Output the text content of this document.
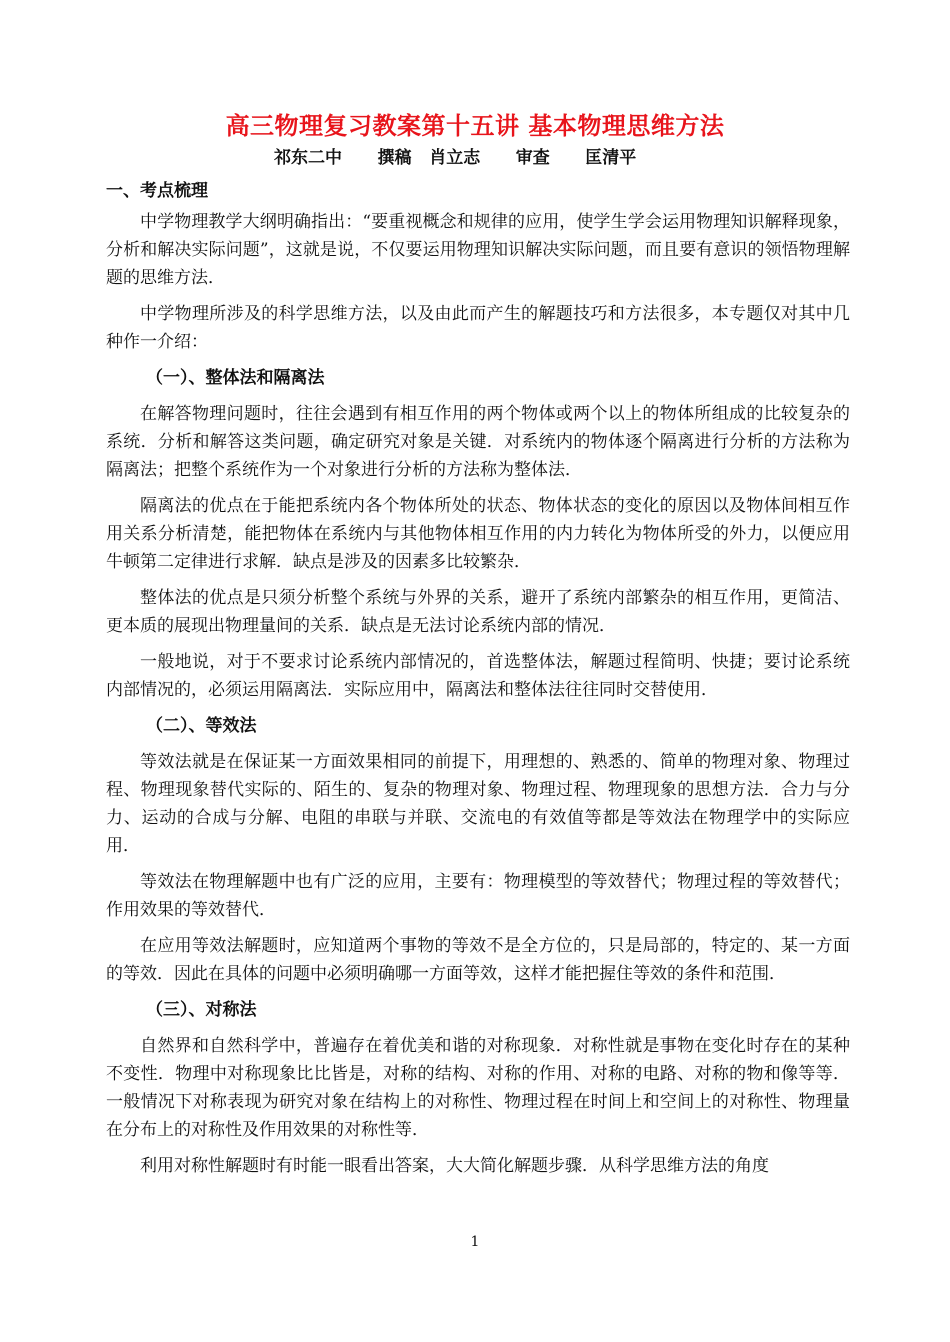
高三物理复习教案第十五讲 基本物理思维方法
祁东二中      撰稿   肖立志      审查      匡清平
一、考点梳理

中学物理教学大纲明确指出：“要重视概念和规律的应用，使学生学会运用物理知识解释现象，分析和解决实际问题”，这就是说，不仅要运用物理知识解决实际问题，而且要有意识的领悟物理解题的思维方法．

中学物理所涉及的科学思维方法，以及由此而产生的解题技巧和方法很多，本专题仅对其中几种作一介绍：

（一）、整体法和隔离法

在解答物理问题时，往往会遇到有相互作用的两个物体或两个以上的物体所组成的比较复杂的系统．分析和解答这类问题，确定研究对象是关键．对系统内的物体逐个隔离进行分析的方法称为隔离法；把整个系统作为一个对象进行分析的方法称为整体法．

隔离法的优点在于能把系统内各个物体所处的状态、物体状态的变化的原因以及物体间相互作用关系分析清楚，能把物体在系统内与其他物体相互作用的内力转化为物体所受的外力，以便应用牛顿第二定律进行求解．缺点是涉及的因素多比较繁杂．

整体法的优点是只须分析整个系统与外界的关系，避开了系统内部繁杂的相互作用，更简洁、更本质的展现出物理量间的关系．缺点是无法讨论系统内部的情况．

一般地说，对于不要求讨论系统内部情况的，首选整体法，解题过程简明、快捷；要讨论系统内部情况的，必须运用隔离法．实际应用中，隔离法和整体法往往同时交替使用．

（二）、等效法

等效法就是在保证某一方面效果相同的前提下，用理想的、熟悉的、简单的物理对象、物理过程、物理现象替代实际的、陌生的、复杂的物理对象、物理过程、物理现象的思想方法．合力与分力、运动的合成与分解、电阻的串联与并联、交流电的有效值等都是等效法在物理学中的实际应用．

等效法在物理解题中也有广泛的应用，主要有：物理模型的等效替代；物理过程的等效替代；作用效果的等效替代．

在应用等效法解题时，应知道两个事物的等效不是全方位的，只是局部的，特定的、某一方面的等效．因此在具体的问题中必须明确哪一方面等效，这样才能把握住等效的条件和范围．

（三）、对称法

自然界和自然科学中，普遍存在着优美和谐的对称现象．对称性就是事物在变化时存在的某种不变性．物理中对称现象比比皆是，对称的结构、对称的作用、对称的电路、对称的物和像等等．一般情况下对称表现为研究对象在结构上的对称性、物理过程在时间上和空间上的对称性、物理量在分布上的对称性及作用效果的对称性等．

利用对称性解题时有时能一眼看出答案，大大简化解题步骤．从科学思维方法的角度

1
